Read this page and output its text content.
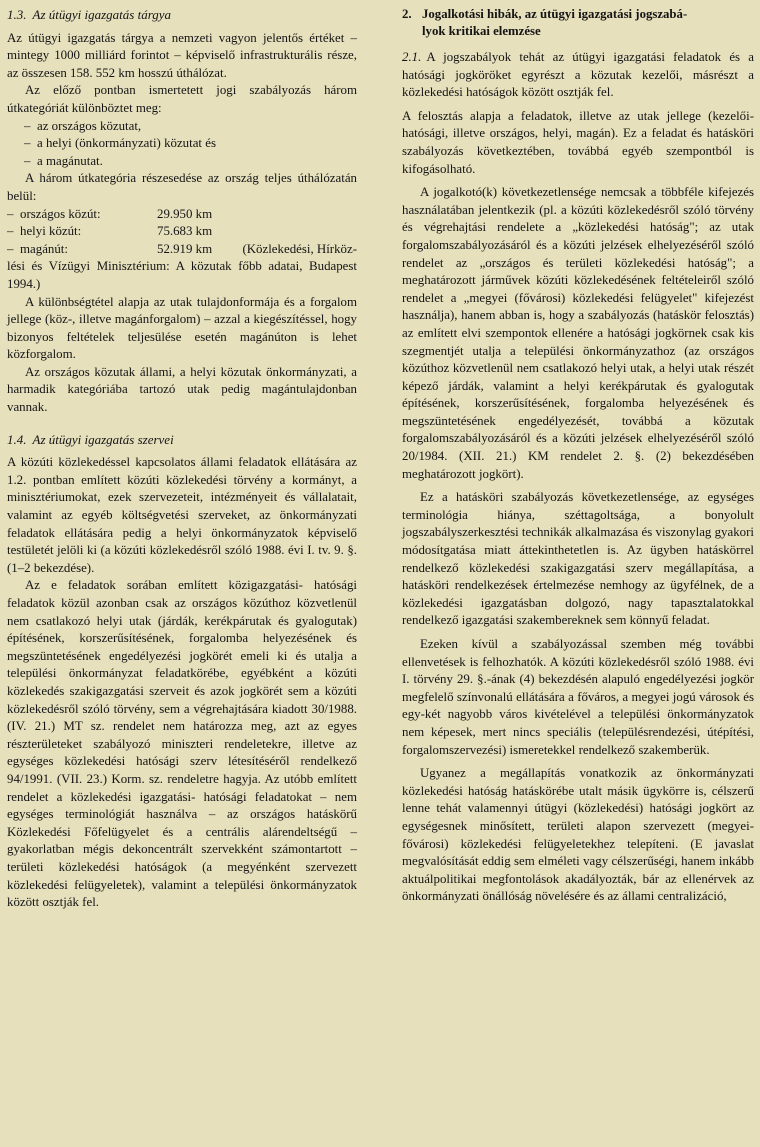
1.3. Az útügyi igazgatás tárgya

Az útügyi igazgatás tárgya a nemzeti vagyon jelentős értéket – mintegy 1000 milliárd forintot – képviselő infrastrukturális része, az összesen 158. 552 km hosszú úthálózat.

Az előző pontban ismertetett jogi szabályozás három útkategóriát különböztet meg:

– az országos közutat,

– a helyi (önkormányzati) közutat és

– a magánutat.

A három útkategória részesedése az ország teljes úthálózatán belül:

– országos közút:	29.950 km
– helyi közút:	75.683 km
– magánút:	52.919 km	(Közlekedési, Hírköz-

lési és Vízügyi Minisztérium: A közutak főbb adatai, Budapest 1994.)

A különbségtétel alapja az utak tulajdonformája és a forgalom jellege (köz-, illetve magánforgalom) – azzal a kiegészítéssel, hogy bizonyos feltételek teljesülése esetén magánúton is lehet közforgalom.

Az országos közutak állami, a helyi közutak önkormányzati, a harmadik kategóriába tartozó utak pedig magántulajdonban vannak.

1.4. Az útügyi igazgatás szervei

A közúti közlekedéssel kapcsolatos állami feladatok ellátására az 1.2. pontban említett közúti közlekedési törvény a kormányt, a minisztériumokat, ezek szervezeteit, intézményeit és vállalatait, valamint az egyéb költségvetési szerveket, az önkormányzati feladatok ellátására pedig a helyi önkormányzatok képviselő testületét jelöli ki (a közúti közlekedésről szóló 1988. évi I. tv. 9. §. (1–2 bekezdése).

Az e feladatok sorában említett közigazgatási- hatósági feladatok közül azonban csak az országos közúthoz közvetlenül nem csatlakozó helyi utak (járdák, kerékpárutak és gyalogutak) építésének, korszerűsítésének, forgalomba helyezésének és megszüntetésének engedélyezési jogkörét emeli ki és utalja a települési önkormányzat feladatkörébe, egyébként a közúti közlekedés szakigazgatási szerveit és azok jogkörét sem a közúti közlekedésről szóló törvény, sem a végrehajtására kiadott 30/1988. (IV. 21.) MT sz. rendelet nem határozza meg, azt az egyes részterületeket szabályozó miniszteri rendeletekre, illetve az egységes közlekedési hatósági szerv létesítéséről rendelkező 94/1991. (VII. 23.) Korm. sz. rendeletre hagyja. Az utóbb említett rendelet a közlekedési igazgatási- hatósági feladatokat – nem egységes terminológiát használva – az országos hatáskörű Közlekedési Főfelügyelet és a centrális alárendeltségű – gyakorlatban mégis dekoncentrált szervekként számontartott – területi közlekedési hatóságok (a megyénként szervezett közlekedési felügyeletek), valamint a települési önkormányzatok között osztják fel.

2. Jogalkotási hibák, az útügyi igazgatási jogszabá-
lyok kritikai elemzése

2.1. A jogszabályok tehát az útügyi igazgatási feladatok és a hatósági jogköröket egyrészt a közutak kezelői, másrészt a közlekedési hatóságok között osztják fel.

A felosztás alapja a feladatok, illetve az utak jellege (kezelői-hatósági, illetve országos, helyi, magán). Ez a feladat és hatásköri szabályozás következtében, továbbá egyéb szempontból is kifogásolható.

A jogalkotó(k) következetlensége nemcsak a többféle kifejezés használatában jelentkezik (pl. a közúti közlekedésről szóló törvény és végrehajtási rendelete a „közlekedési hatóság"; az utak forgalomszabályozásáról és a közúti jelzések elhelyezéséről szóló rendelet az „országos és területi közlekedési hatóság"; a meghatározott járművek közúti közlekedésének feltételeiről szóló rendelet a „megyei (fővárosi) közlekedési felügyelet" kifejezést használja), hanem abban is, hogy a szabályozás (hatáskör felosztás) az említett elvi szempontok ellenére a hatósági jogkörnek csak kis szegmentjét utalja a települési önkormányzathoz (az országos közúthoz közvetlenül nem csatlakozó helyi utak, a helyi utak részét képező járdák, valamint a helyi kerékpárutak és gyalogutak építésének, korszerűsítésének, forgalomba helyezésének és megszüntetésének engedélyezését, továbbá a közutak forgalomszabályozásáról és a közúti jelzések elhelyezéséről szóló 20/1984. (XII. 21.) KM rendelet 2. §. (2) bekezdésében meghatározott jogkört).

Ez a hatásköri szabályozás következetlensége, az egységes terminológia hiánya, széttagoltsága, a bonyolult jogszabályszerkesztési technikák alkalmazása és viszonylag gyakori módosítgatása miatt áttekinthetetlen is. Az ügyben hatáskörrel rendelkező közlekedési szakigazgatási szerv megállapítása, a hatásköri rendelkezések értelmezése nemhogy az ügyfélnek, de a közlekedési igazgatásban dolgozó, nagy tapasztalatokkal rendelkező igazgatási szakembereknek sem könnyű feladat.

Ezeken kívül a szabályozással szemben még további ellenvetések is felhozhatók. A közúti közlekedésről szóló 1988. évi I. törvény 29. §.-ának (4) bekezdésén alapuló engedélyezési jogkör megfelelő színvonalú ellátására a főváros, a megyei jogú városok és egy-két nagyobb város kivételével a települési önkormányzatok nem képesek, mert nincs speciális (településrendezési, útépítési, forgalomszervezési) ismeretekkel rendelkező szakemberük.

Ugyanez a megállapítás vonatkozik az önkormányzati közlekedési hatóság hatáskörébe utalt másik ügykörre is, célszerű lenne tehát valamennyi útügyi (közlekedési) hatósági jogkört az egységesnek minősített, területi alapon szervezett (megyei- fővárosi) közlekedési felügyeletekhez telepíteni. (E javaslat megvalósítását eddig sem elméleti vagy célszerűségi, hanem inkább aktuálpolitikai megfontolások akadályozták, bár az ellenérvek az önkormányzati önállóság növelésére és az állami centralizáció,
